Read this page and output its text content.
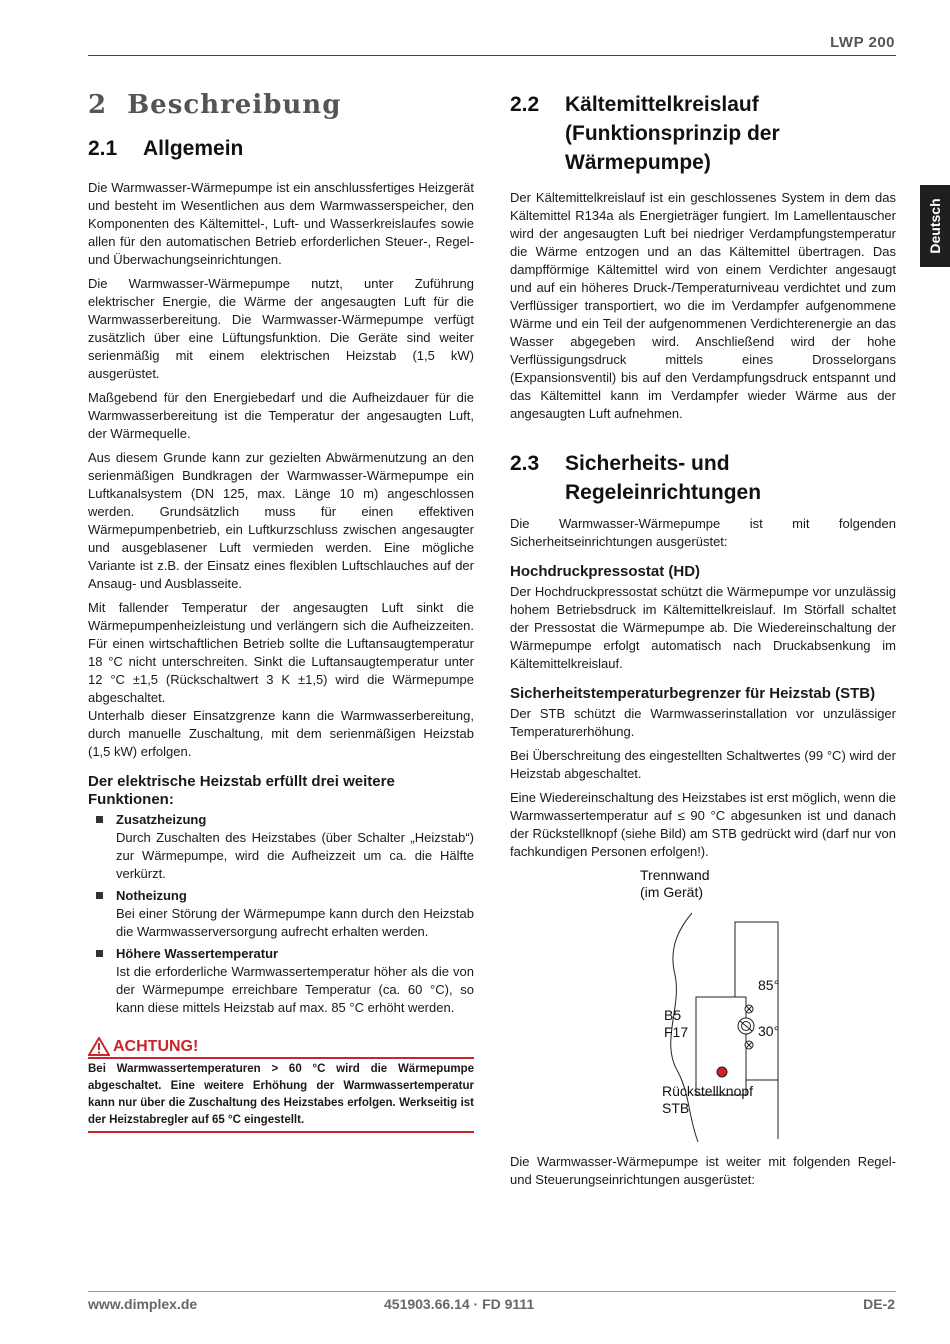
LWP 200
Deutsch
2 Beschreibung
2.1	Allgemein

Die Warmwasser-Wärmepumpe ist ein anschlussfertiges Heizgerät und besteht im Wesentlichen aus dem Warmwasserspeicher, den Komponenten des Kältemittel-, Luft- und Wasserkreislaufes sowie allen für den automatischen Betrieb erforderlichen Steuer-, Regel- und Überwachungseinrichtungen.

Die Warmwasser-Wärmepumpe nutzt, unter Zuführung elektrischer Energie, die Wärme der angesaugten Luft für die Warmwasserbereitung. Die Warmwasser-Wärmepumpe verfügt zusätzlich über eine Lüftungsfunktion. Die Geräte sind weiter serienmäßig mit einem elektrischen Heizstab (1,5 kW) ausgerüstet.

Maßgebend für den Energiebedarf und die Aufheizdauer für die Warmwasserbereitung ist die Temperatur der angesaugten Luft, der Wärmequelle.

Aus diesem Grunde kann zur gezielten Abwärmenutzung an den serienmäßigen Bundkragen der Warmwasser-Wärmepumpe ein Luftkanalsystem (DN 125, max. Länge 10 m) angeschlossen werden. Grundsätzlich muss für einen effektiven Wärmepumpenbetrieb, ein Luftkurzschluss zwischen angesaugter und ausgeblasener Luft vermieden werden. Eine mögliche Variante ist z.B. der Einsatz eines flexiblen Luftschlauches auf der Ansaug- und Ausblasseite.

Mit fallender Temperatur der angesaugten Luft sinkt die Wärmepumpenheizleistung und verlängern sich die Aufheizzeiten. Für einen wirtschaftlichen Betrieb sollte die Luftansaugtemperatur 18 °C nicht unterschreiten. Sinkt die Luftansaugtemperatur unter 12 °C ±1,5 (Rückschaltwert 3 K ±1,5) wird die Wärmepumpe abgeschaltet.

Unterhalb dieser Einsatzgrenze kann die Warmwasserbereitung, durch manuelle Zuschaltung, mit dem serienmäßigen Heizstab (1,5 kW) erfolgen.

Der elektrische Heizstab erfüllt drei weitere Funktionen:
Zusatzheizung
Durch Zuschalten des Heizstabes (über Schalter „Heizstab“) zur Wärmepumpe, wird die Aufheizzeit um ca. die Hälfte verkürzt.
Notheizung
Bei einer Störung der Wärmepumpe kann durch den Heizstab die Warmwasserversorgung aufrecht erhalten werden.
Höhere Wassertemperatur
Ist die erforderliche Warmwassertemperatur höher als die von der Wärmepumpe erreichbare Temperatur (ca. 60 °C), so kann diese mittels Heizstab auf max. 85 °C erhöht werden.
ACHTUNG!

Bei Warmwassertemperaturen > 60 °C wird die Wärmepumpe abgeschaltet. Eine weitere Erhöhung der Warmwassertemperatur kann nur über die Zuschaltung des Heizstabes erfolgen. Werkseitig ist der Heizstabregler auf 65 °C eingestellt.

2.2	Kältemittelkreislauf (Funktionsprinzip der Wärmepumpe)

Der Kältemittelkreislauf ist ein geschlossenes System in dem das Kältemittel R134a als Energieträger fungiert. Im Lamellentauscher wird der angesaugten Luft bei niedriger Verdampfungstemperatur die Wärme entzogen und an das Kältemittel übertragen. Das dampfförmige Kältemittel wird von einem Verdichter angesaugt und auf ein höheres Druck-/Temperaturniveau verdichtet und zum Verflüssiger transportiert, wo die im Verdampfer aufgenommene Wärme und ein Teil der aufgenommenen Verdichterenergie an das Wasser abgegeben wird. Anschließend wird der hohe Verflüssigungsdruck mittels eines Drosselorgans (Expansionsventil) bis auf den Verdampfungsdruck entspannt und das Kältemittel kann im Verdampfer wieder Wärme aus der angesaugten Luft aufnehmen.

2.3	Sicherheits- und Regeleinrichtungen

Die Warmwasser-Wärmepumpe ist mit folgenden Sicherheitseinrichtungen ausgerüstet:

Hochdruckpressostat (HD)

Der Hochdruckpressostat schützt die Wärmepumpe vor unzulässig hohem Betriebsdruck im Kältemittelkreislauf. Im Störfall schaltet der Pressostat die Wärmepumpe ab. Die Wiedereinschaltung der Wärmepumpe erfolgt automatisch nach Druckabsenkung im Kältemittelkreislauf.

Sicherheitstemperaturbegrenzer für Heizstab (STB)

Der STB schützt die Warmwasserinstallation vor unzulässiger Temperaturerhöhung.

Bei Überschreitung des eingestellten Schaltwertes (99 °C) wird der Heizstab abgeschaltet.

Eine Wiedereinschaltung des Heizstabes ist erst möglich, wenn die Warmwassertemperatur auf ≤ 90 °C abgesunken ist und danach der Rückstellknopf (siehe Bild) am STB gedrückt wird (darf nur von fachkundigen Personen erfolgen!).

Trennwand
(im Gerät)
85°
30°
B5
F17
Rückstellknopf
STB

Die Warmwasser-Wärmepumpe ist weiter mit folgenden Regel- und Steuerungseinrichtungen ausgerüstet:

www.dimplex.de	451903.66.14 · FD 9111	DE-2
